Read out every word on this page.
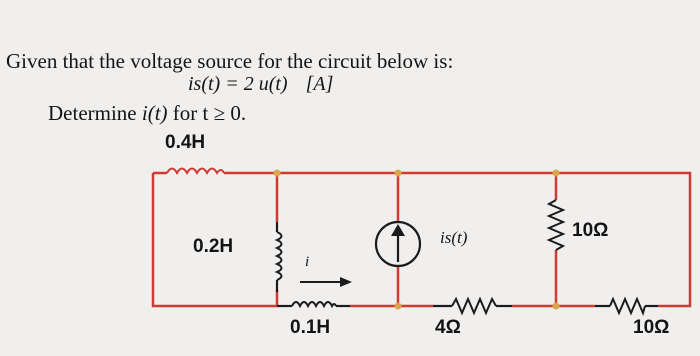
Given that the voltage source for the circuit below is:
is(t) = 2 u(t) [A]
Determine i(t) for t ≥ 0.
0.4H
0.2H
0.1H
i
is(t)
4Ω
10Ω
10Ω
